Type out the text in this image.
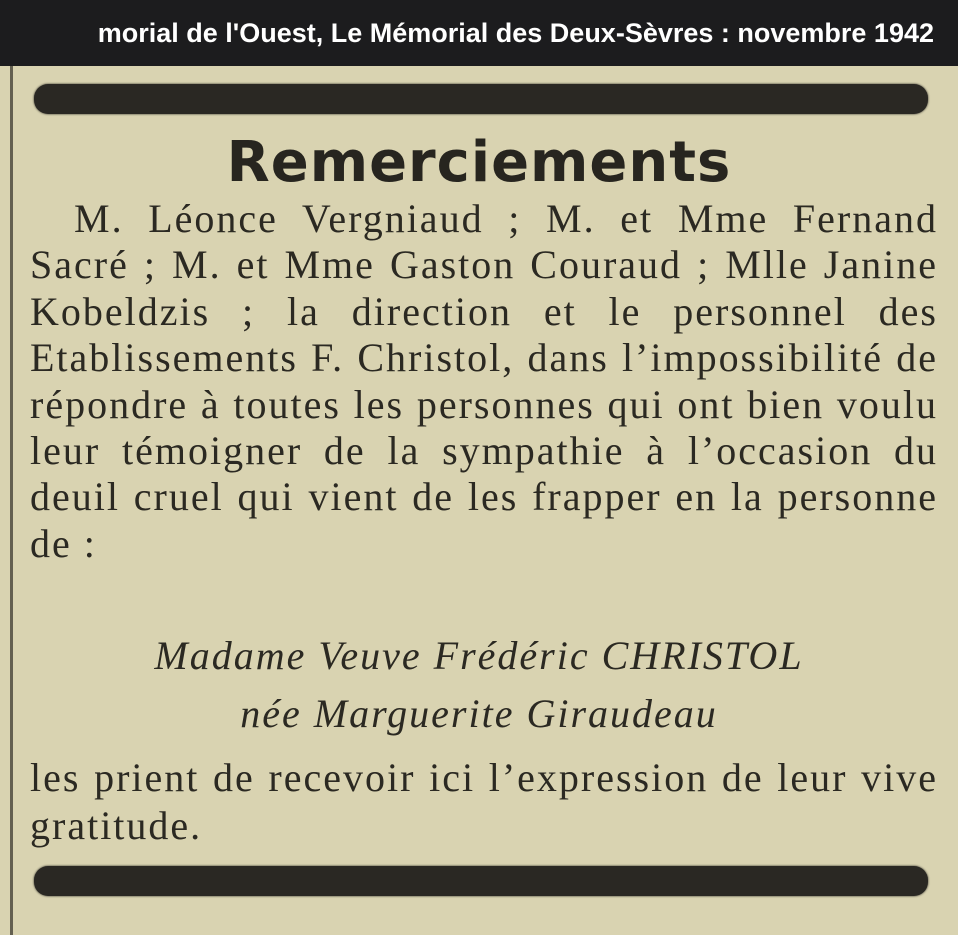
morial de l'Ouest, Le Mémorial des Deux-Sèvres : novembre 1942
Remerciements
M. Léonce Vergniaud ; M. et Mme Fernand Sacré ; M. et Mme Gaston Couraud ; Mlle Janine Kobeldzis ; la direction et le personnel des Etablissements F. Christol, dans l’impossibilité de répondre à toutes les personnes qui ont bien voulu leur témoigner de la sympathie à l’occasion du deuil cruel qui vient de les frapper en la personne de :
Madame Veuve Frédéric CHRISTOL
née Marguerite Giraudeau
les prient de recevoir ici l’expression de leur vive gratitude.
